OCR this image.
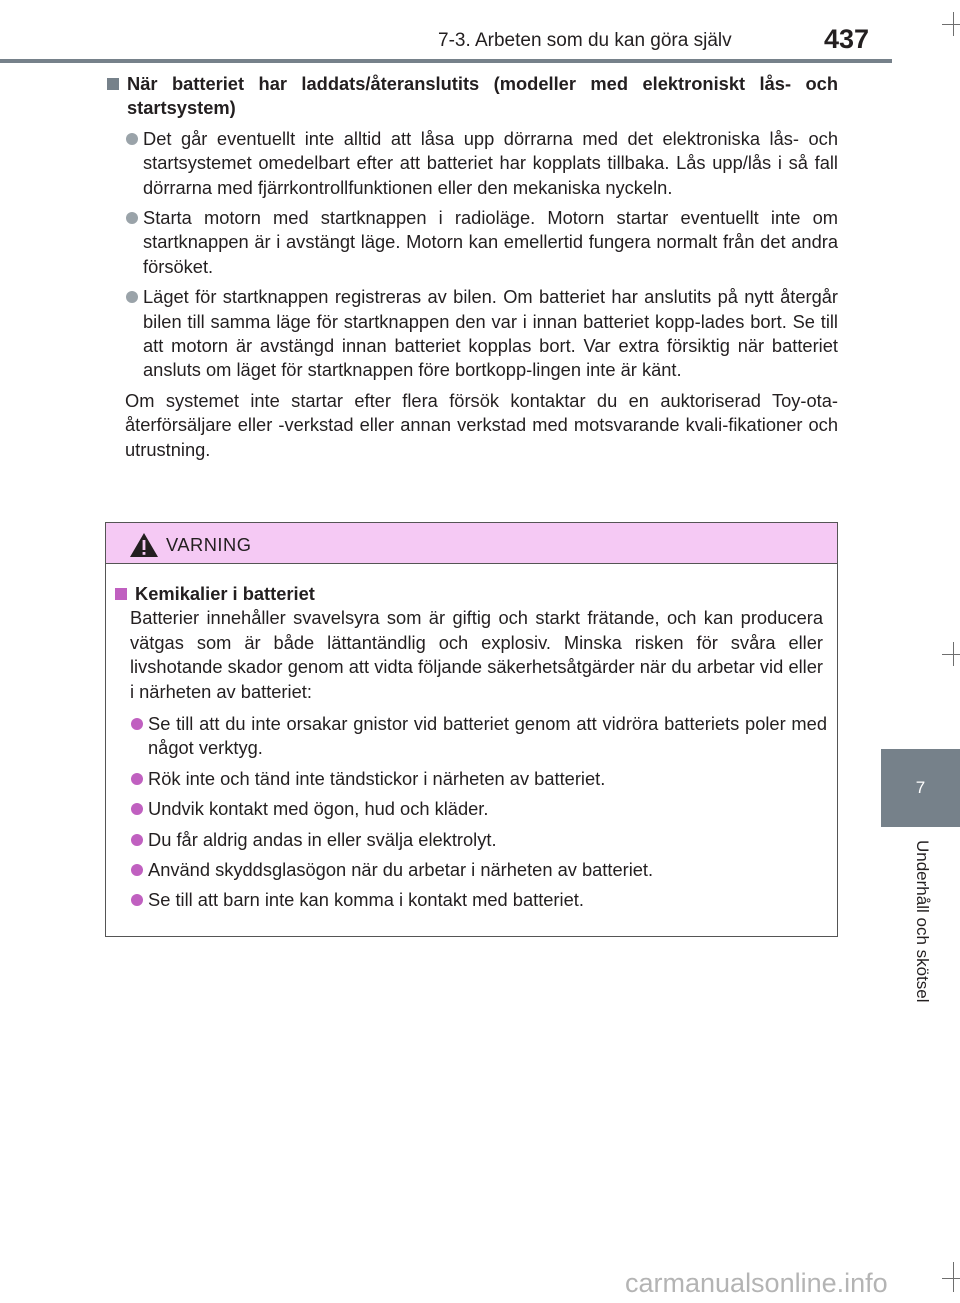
7-3. Arbeten som du kan göra själv	437
7
Underhåll och skötsel
När batteriet har laddats/återanslutits (modeller med elektroniskt lås- och startsystem)
Det går eventuellt inte alltid att låsa upp dörrarna med det elektroniska lås- och startsystemet omedelbart efter att batteriet har kopplats tillbaka. Lås upp/lås i så fall dörrarna med fjärrkontrollfunktionen eller den mekaniska nyckeln.
Starta motorn med startknappen i radioläge. Motorn startar eventuellt inte om startknappen är i avstängt läge. Motorn kan emellertid fungera normalt från det andra försöket.
Läget för startknappen registreras av bilen. Om batteriet har anslutits på nytt återgår bilen till samma läge för startknappen den var i innan batteriet kopp-lades bort. Se till att motorn är avstängd innan batteriet kopplas bort. Var extra försiktig när batteriet ansluts om läget för startknappen före bortkopp-lingen inte är känt.
Om systemet inte startar efter flera försök kontaktar du en auktoriserad Toy-ota-återförsäljare eller -verkstad eller annan verkstad med motsvarande kvali-fikationer och utrustning.
VARNING
Kemikalier i batteriet
Batterier innehåller svavelsyra som är giftig och starkt frätande, och kan producera vätgas som är både lättantändlig och explosiv. Minska risken för svåra eller livshotande skador genom att vidta följande säkerhetsåtgärder när du arbetar vid eller i närheten av batteriet:
Se till att du inte orsakar gnistor vid batteriet genom att vidröra batteriets poler med något verktyg.
Rök inte och tänd inte tändstickor i närheten av batteriet.
Undvik kontakt med ögon, hud och kläder.
Du får aldrig andas in eller svälja elektrolyt.
Använd skyddsglasögon när du arbetar i närheten av batteriet.
Se till att barn inte kan komma i kontakt med batteriet.
carmanualsonline.info
